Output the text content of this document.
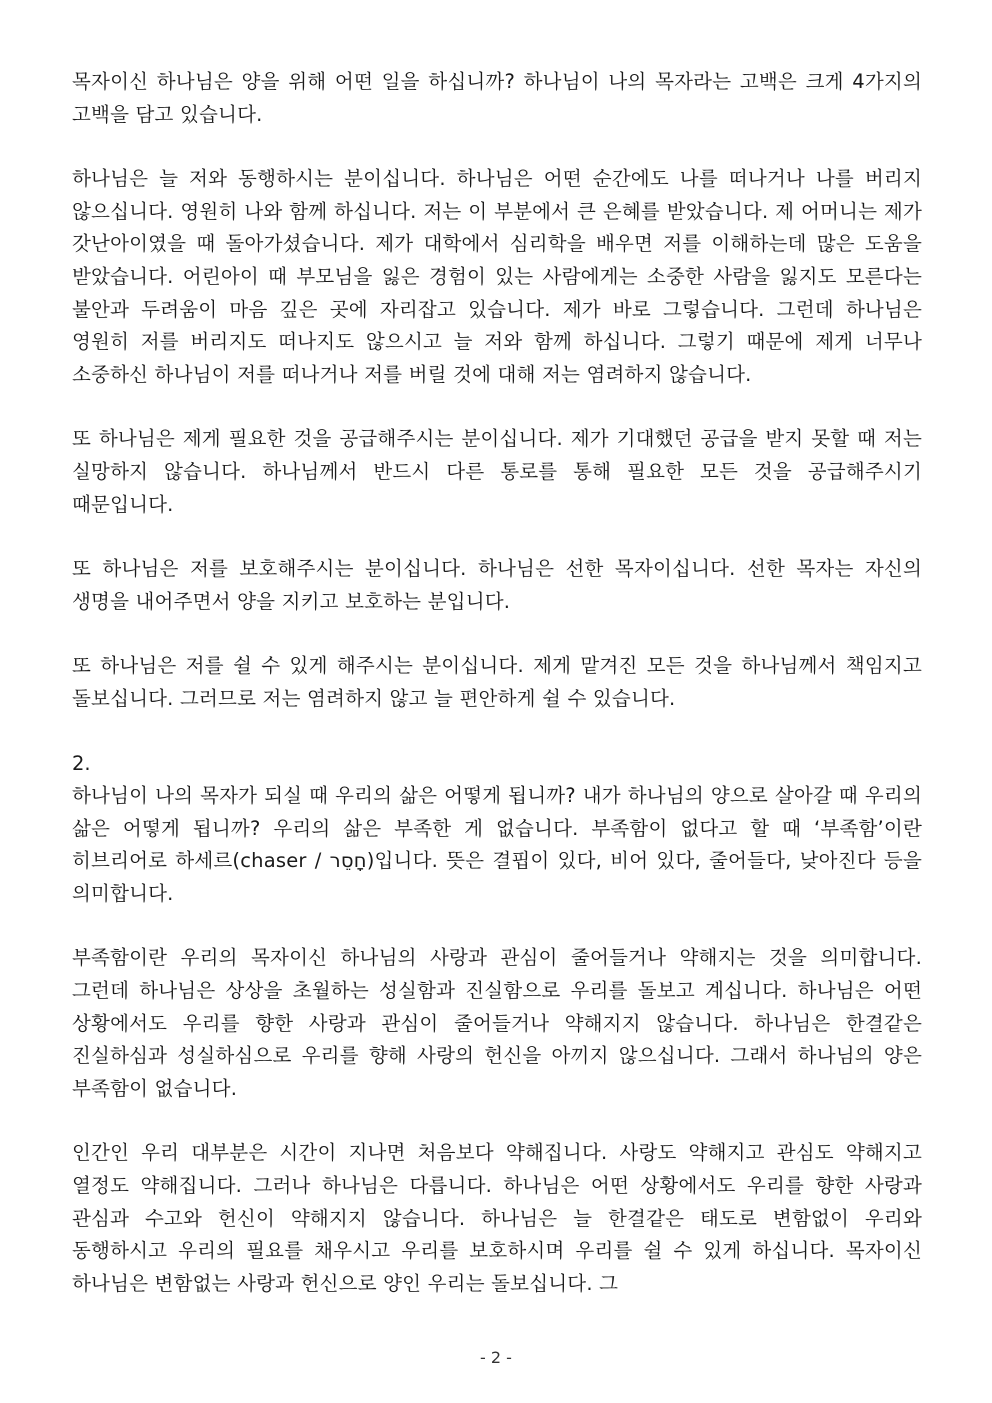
목자이신 하나님은 양을 위해 어떤 일을 하십니까? 하나님이 나의 목자라는 고백은 크게 4가지의 고백을 담고 있습니다.

하나님은 늘 저와 동행하시는 분이십니다. 하나님은 어떤 순간에도 나를 떠나거나 나를 버리지 않으십니다. 영원히 나와 함께 하십니다. 저는 이 부분에서 큰 은혜를 받았습니다. 제 어머니는 제가 갓난아이였을 때 돌아가셨습니다. 제가 대학에서 심리학을 배우면 저를 이해하는데 많은 도움을 받았습니다. 어린아이 때 부모님을 잃은 경험이 있는 사람에게는 소중한 사람을 잃지도 모른다는 불안과 두려움이 마음 깊은 곳에 자리잡고 있습니다. 제가 바로 그렇습니다. 그런데 하나님은 영원히 저를 버리지도 떠나지도 않으시고 늘 저와 함께 하십니다. 그렇기 때문에 제게 너무나 소중하신 하나님이 저를 떠나거나 저를 버릴 것에 대해 저는 염려하지 않습니다.

또 하나님은 제게 필요한 것을 공급해주시는 분이십니다. 제가 기대했던 공급을 받지 못할 때 저는 실망하지 않습니다. 하나님께서 반드시 다른 통로를 통해 필요한 모든 것을 공급해주시기 때문입니다.

또 하나님은 저를 보호해주시는 분이십니다. 하나님은 선한 목자이십니다. 선한 목자는 자신의 생명을 내어주면서 양을 지키고 보호하는 분입니다.

또 하나님은 저를 쉴 수 있게 해주시는 분이십니다. 제게 맡겨진 모든 것을 하나님께서 책임지고 돌보십니다. 그러므로 저는 염려하지 않고 늘 편안하게 쉴 수 있습니다.

2.

하나님이 나의 목자가 되실 때 우리의 삶은 어떻게 됩니까? 내가 하나님의 양으로 살아갈 때 우리의 삶은 어떻게 됩니까? 우리의 삶은 부족한 게 없습니다. 부족함이 없다고 할 때 ‘부족함’이란 히브리어로 하세르(chaser / חָסֵר)입니다. 뜻은 결핍이 있다, 비어 있다, 줄어들다, 낮아진다 등을 의미합니다.

부족함이란 우리의 목자이신 하나님의 사랑과 관심이 줄어들거나 약해지는 것을 의미합니다. 그런데 하나님은 상상을 초월하는 성실함과 진실함으로 우리를 돌보고 계십니다. 하나님은 어떤 상황에서도 우리를 향한 사랑과 관심이 줄어들거나 약해지지 않습니다. 하나님은 한결같은 진실하심과 성실하심으로 우리를 향해 사랑의 헌신을 아끼지 않으십니다. 그래서 하나님의 양은 부족함이 없습니다.

인간인 우리 대부분은 시간이 지나면 처음보다 약해집니다. 사랑도 약해지고 관심도 약해지고 열정도 약해집니다. 그러나 하나님은 다릅니다. 하나님은 어떤 상황에서도 우리를 향한 사랑과 관심과 수고와 헌신이 약해지지 않습니다. 하나님은 늘 한결같은 태도로 변함없이 우리와 동행하시고 우리의 필요를 채우시고 우리를 보호하시며 우리를 쉴 수 있게 하십니다. 목자이신 하나님은 변함없는 사랑과 헌신으로 양인 우리는 돌보십니다. 그

- 2 -
